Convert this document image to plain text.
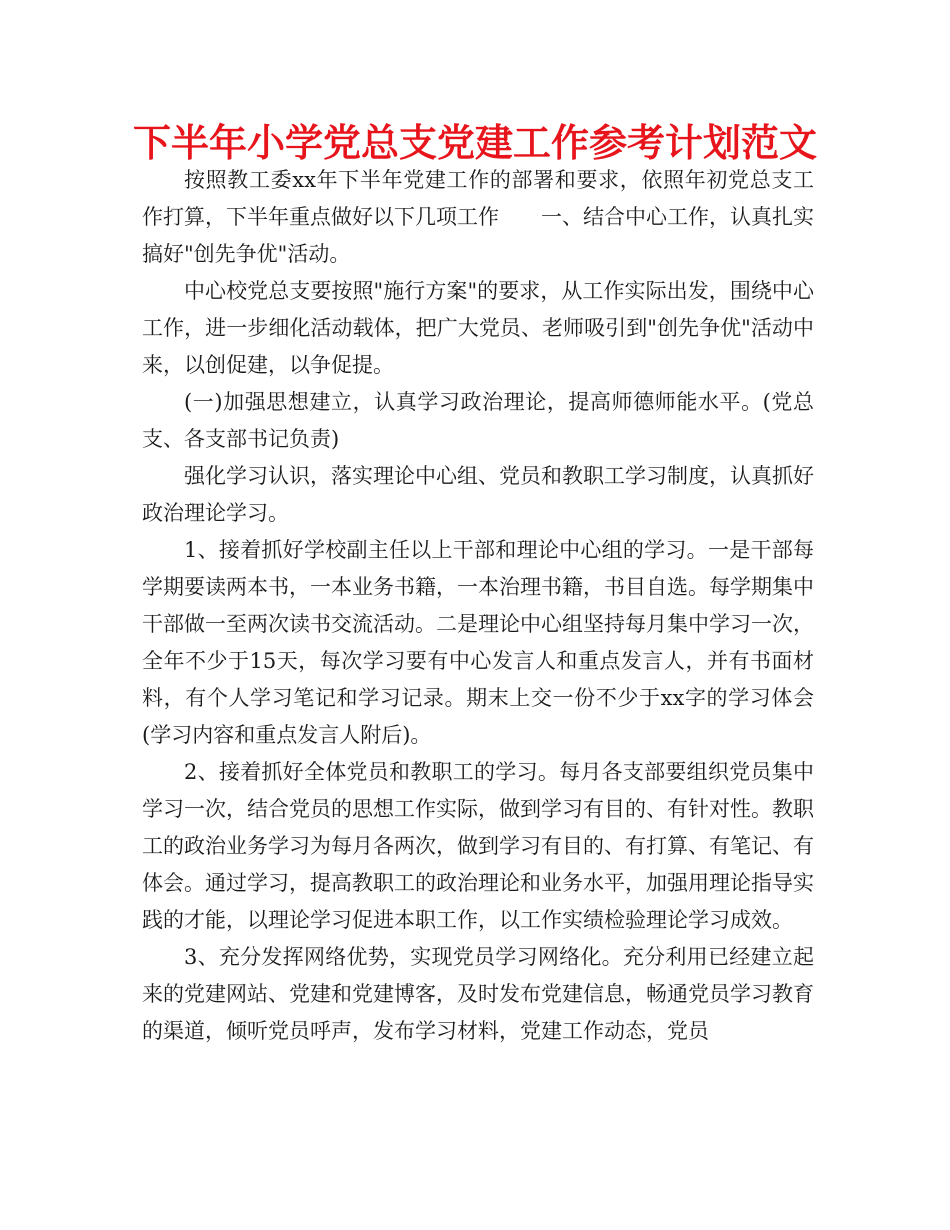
下半年小学党总支党建工作参考计划范文

按照教工委xx年下半年党建工作的部署和要求，依照年初党总支工作打算，下半年重点做好以下几项工作　　一、结合中心工作，认真扎实搞好"创先争优"活动。

中心校党总支要按照"施行方案"的要求，从工作实际出发，围绕中心工作，进一步细化活动载体，把广大党员、老师吸引到"创先争优"活动中来，以创促建，以争促提。

(一)加强思想建立，认真学习政治理论，提高师德师能水平。(党总支、各支部书记负责)

强化学习认识，落实理论中心组、党员和教职工学习制度，认真抓好政治理论学习。

1、接着抓好学校副主任以上干部和理论中心组的学习。一是干部每学期要读两本书，一本业务书籍，一本治理书籍，书目自选。每学期集中干部做一至两次读书交流活动。二是理论中心组坚持每月集中学习一次，全年不少于15天，每次学习要有中心发言人和重点发言人，并有书面材料，有个人学习笔记和学习记录。期末上交一份不少于xx字的学习体会(学习内容和重点发言人附后)。

2、接着抓好全体党员和教职工的学习。每月各支部要组织党员集中学习一次，结合党员的思想工作实际，做到学习有目的、有针对性。教职工的政治业务学习为每月各两次，做到学习有目的、有打算、有笔记、有体会。通过学习，提高教职工的政治理论和业务水平，加强用理论指导实践的才能，以理论学习促进本职工作，以工作实绩检验理论学习成效。

3、充分发挥网络优势，实现党员学习网络化。充分利用已经建立起来的党建网站、党建和党建博客，及时发布党建信息，畅通党员学习教育的渠道，倾听党员呼声，发布学习材料，党建工作动态，党员
